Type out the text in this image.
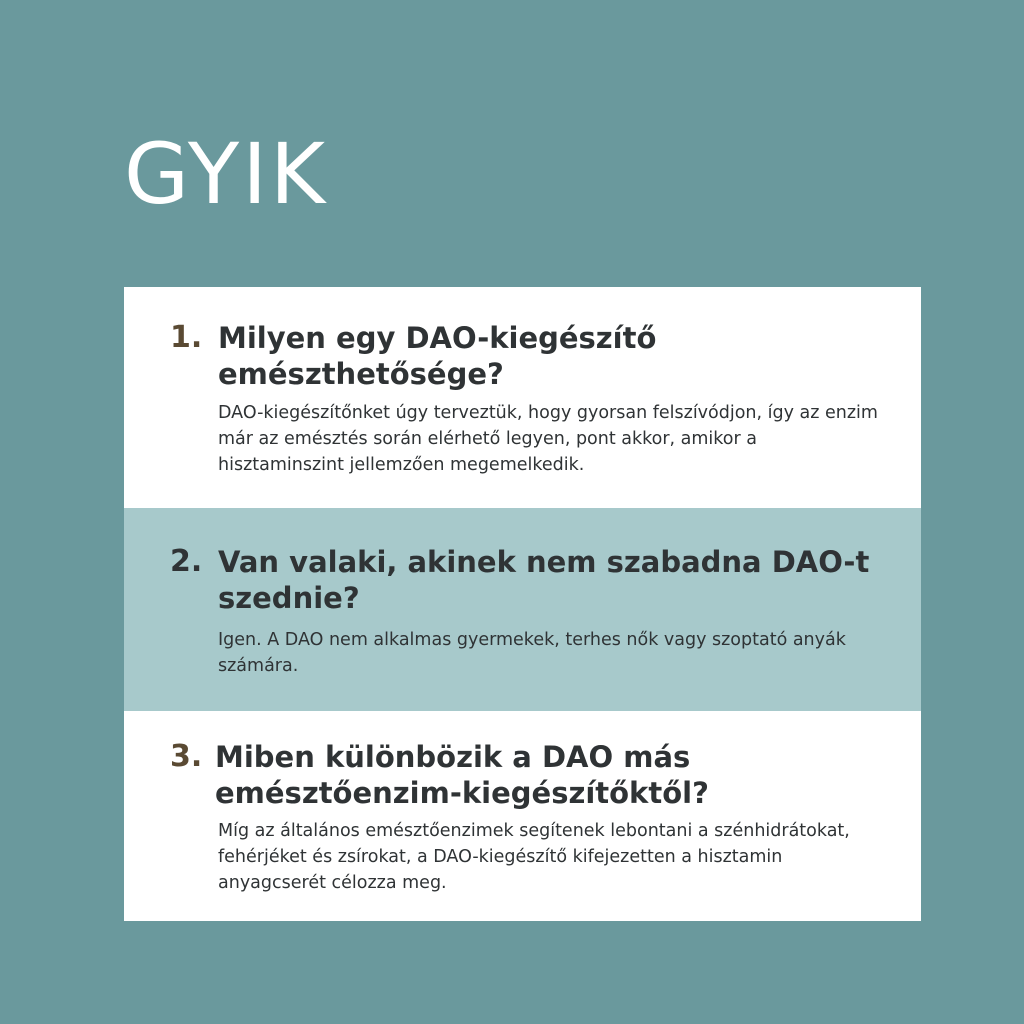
GYIK
1. Milyen egy DAO-kiegészítő emészthetősége?

DAO-kiegészítőnket úgy terveztük, hogy gyorsan felszívódjon, így az enzim már az emésztés során elérhető legyen, pont akkor, amikor a hisztaminszint jellemzően megemelkedik.

2. Van valaki, akinek nem szabadna DAO-t szednie?

Igen. A DAO nem alkalmas gyermekek, terhes nők vagy szoptató anyák számára.

3. Miben különbözik a DAO más emésztőenzim-kiegészítőktől?

Míg az általános emésztőenzimek segítenek lebontani a szénhidrátokat, fehérjéket és zsírokat, a DAO-kiegészítő kifejezetten a hisztamin anyagcserét célozza meg.
